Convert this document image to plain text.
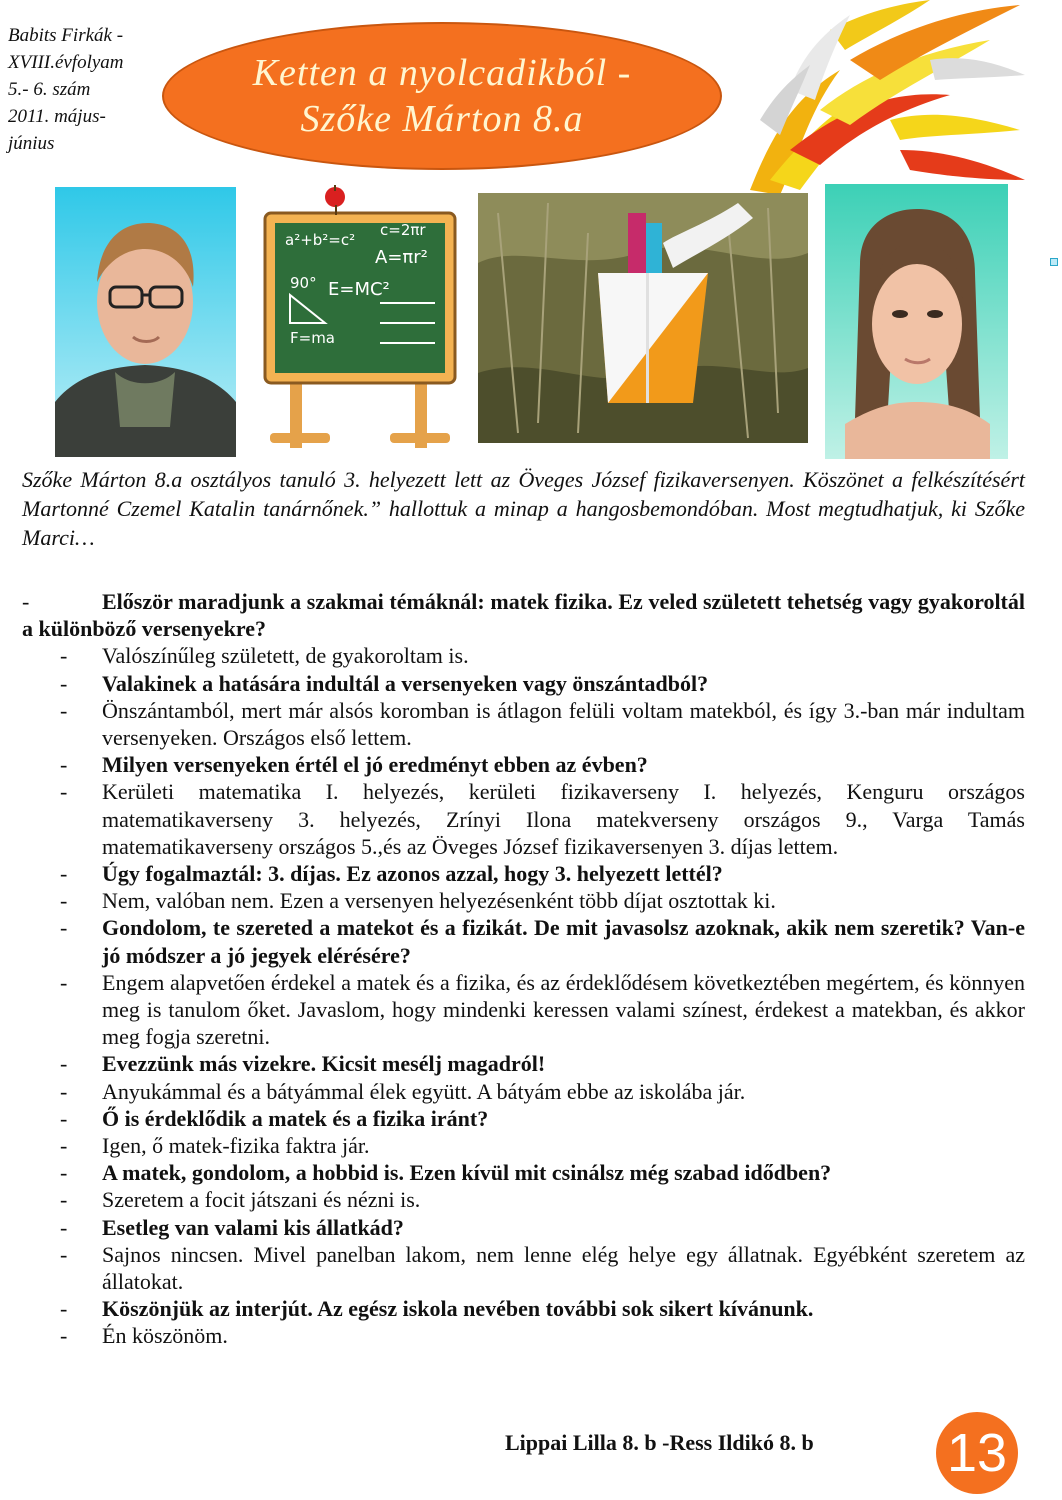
Babits Firkák -
XVIII.évfolyam
5.- 6. szám
2011. május-
június
Ketten a nyolcadikból -
Szőke Márton 8.a
a²+b²=c²
c=2πr
A=πr²
90° E=MC²
F=ma
Szőke Márton 8.a osztályos tanuló 3. helyezett lett az Öveges József fizikaversenyen. Köszönet a felkészítésért Martonné Czemel Katalin tanárnőnek.” hallottuk a minap a hangosbemondóban. Most megtudhatjuk, ki Szőke Marci…
-	Először maradjunk a szakmai témáknál: matek fizika. Ez veled született tehetség vagy gyakoroltál a különböző versenyekre?
-	Valószínűleg született, de gyakoroltam is.
-	Valakinek a hatására indultál a versenyeken vagy önszántadból?
-	Önszántamból, mert már alsós koromban is átlagon felüli voltam matekból, és így 3.-ban már indultam versenyeken. Országos első lettem.
-	Milyen versenyeken értél el jó eredményt ebben az évben?
-	Kerületi matematika I. helyezés, kerületi fizikaverseny I. helyezés, Kenguru országos matematikaverseny 3. helyezés, Zrínyi Ilona matekverseny országos 9., Varga Tamás matematikaverseny országos 5.,és az Öveges József fizikaversenyen 3. díjas lettem.
-	Úgy fogalmaztál: 3. díjas. Ez azonos azzal, hogy 3. helyezett lettél?
-	Nem, valóban nem. Ezen a versenyen helyezésenként több díjat osztottak ki.
-	Gondolom, te szereted a matekot és a fizikát. De mit javasolsz azoknak, akik nem szeretik? Van-e jó módszer a jó jegyek elérésére?
-	Engem alapvetően érdekel a matek és a fizika, és az érdeklődésem következtében megértem, és könnyen meg is tanulom őket. Javaslom, hogy mindenki keressen valami színest, érdekest a matekban, és akkor meg fogja szeretni.
-	Evezzünk más vizekre. Kicsit mesélj magadról!
-	Anyukámmal és a bátyámmal élek együtt. A bátyám ebbe az iskolába jár.
-	Ő is érdeklődik a matek és a fizika iránt?
-	Igen, ő matek-fizika faktra jár.
-	A matek, gondolom, a hobbid is. Ezen kívül mit csinálsz még szabad idődben?
-	Szeretem a focit játszani és nézni is.
-	Esetleg van valami kis állatkád?
-	Sajnos nincsen. Mivel panelban lakom, nem lenne elég helye egy állatnak. Egyébként szeretem az állatokat.
-	Köszönjük az interjút. Az egész iskola nevében további sok sikert kívánunk.
-	Én köszönöm.
Lippai Lilla 8. b -Ress Ildikó 8. b 13
